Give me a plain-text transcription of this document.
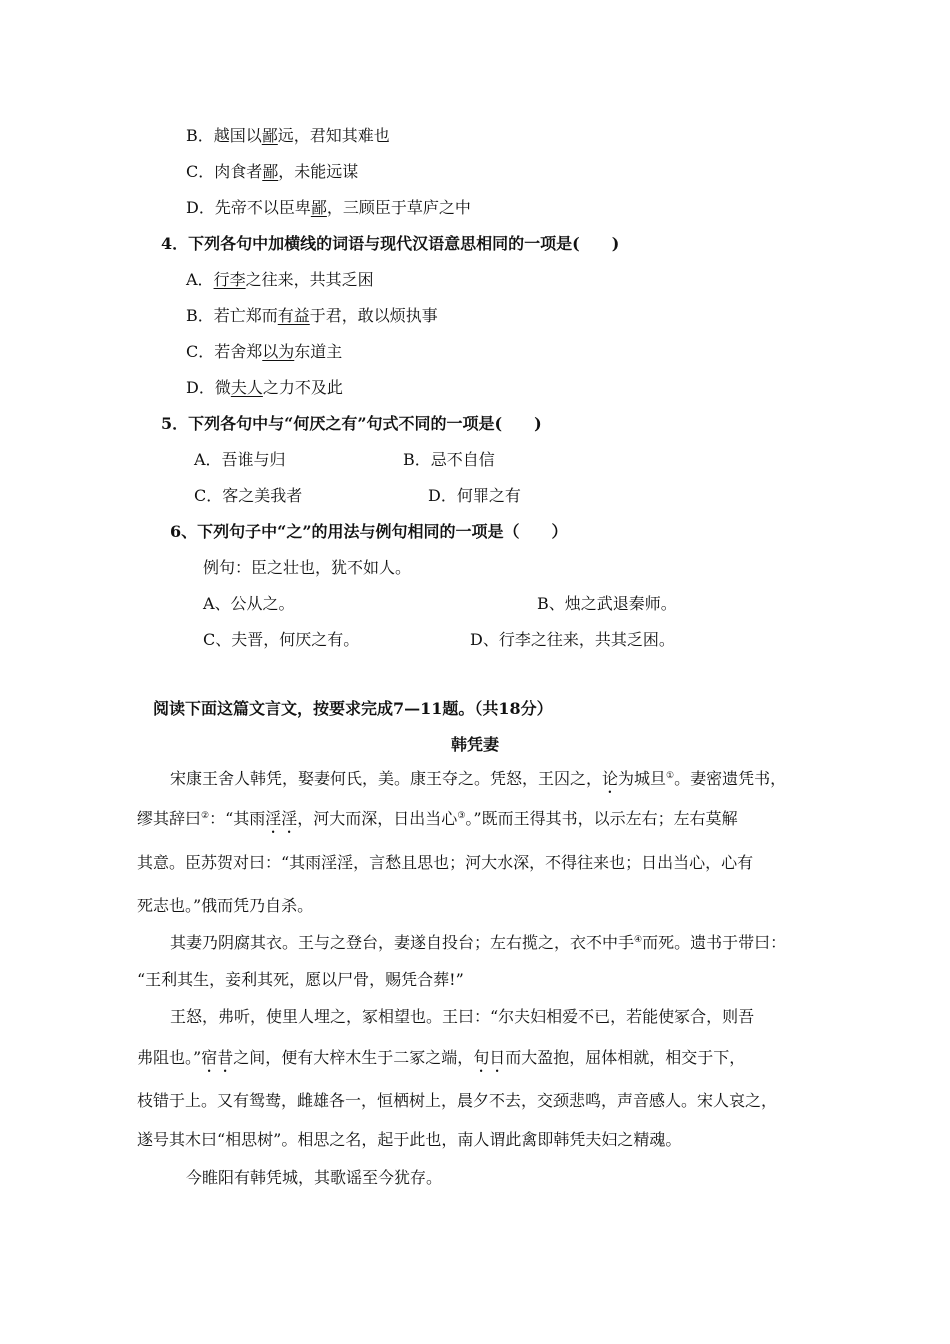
B．越国以鄙远，君知其难也
C．肉食者鄙，未能远谋
D．先帝不以臣卑鄙，三顾臣于草庐之中
4．下列各句中加横线的词语与现代汉语意思相同的一项是(　　)
A．行李之往来，共其乏困
B．若亡郑而有益于君，敢以烦执事
C．若舍郑以为东道主
D．微夫人之力不及此
5．下列各句中与“何厌之有”句式不同的一项是(　　)
A．吾谁与归	B．忌不自信
C．客之美我者	D．何罪之有
6、下列句子中“之”的用法与例句相同的一项是（　　）
例句：臣之壮也，犹不如人。
A、公从之。	B、烛之武退秦师。
C、夫晋，何厌之有。	D、行李之往来，共其乏困。
阅读下面这篇文言文，按要求完成7—11题。（共18分）
韩凭妻
宋康王舍人韩凭，娶妻何氏，美。康王夺之。凭怒，王囚之，论为城旦①。妻密遗凭书，
缪其辞曰②：“其雨淫淫，河大而深，日出当心③。”既而王得其书，以示左右；左右莫解
其意。臣苏贺对曰：“其雨淫淫，言愁且思也；河大水深，不得往来也；日出当心，心有
死志也。”俄而凭乃自杀。
其妻乃阴腐其衣。王与之登台，妻遂自投台；左右揽之，衣不中手④而死。遗书于带曰：
“王利其生，妾利其死，愿以尸骨，赐凭合葬!”
王怒，弗听，使里人埋之，冢相望也。王曰：“尔夫妇相爱不已，若能使冢合，则吾
弗阻也。”宿昔之间，便有大梓木生于二冢之端，旬日而大盈抱，屈体相就，相交于下，
枝错于上。又有鸳鸯，雌雄各一，恒栖树上，晨夕不去，交颈悲鸣，声音感人。宋人哀之，
遂号其木曰“相思树”。相思之名，起于此也，南人谓此禽即韩凭夫妇之精魂。
今睢阳有韩凭城，其歌谣至今犹存。
